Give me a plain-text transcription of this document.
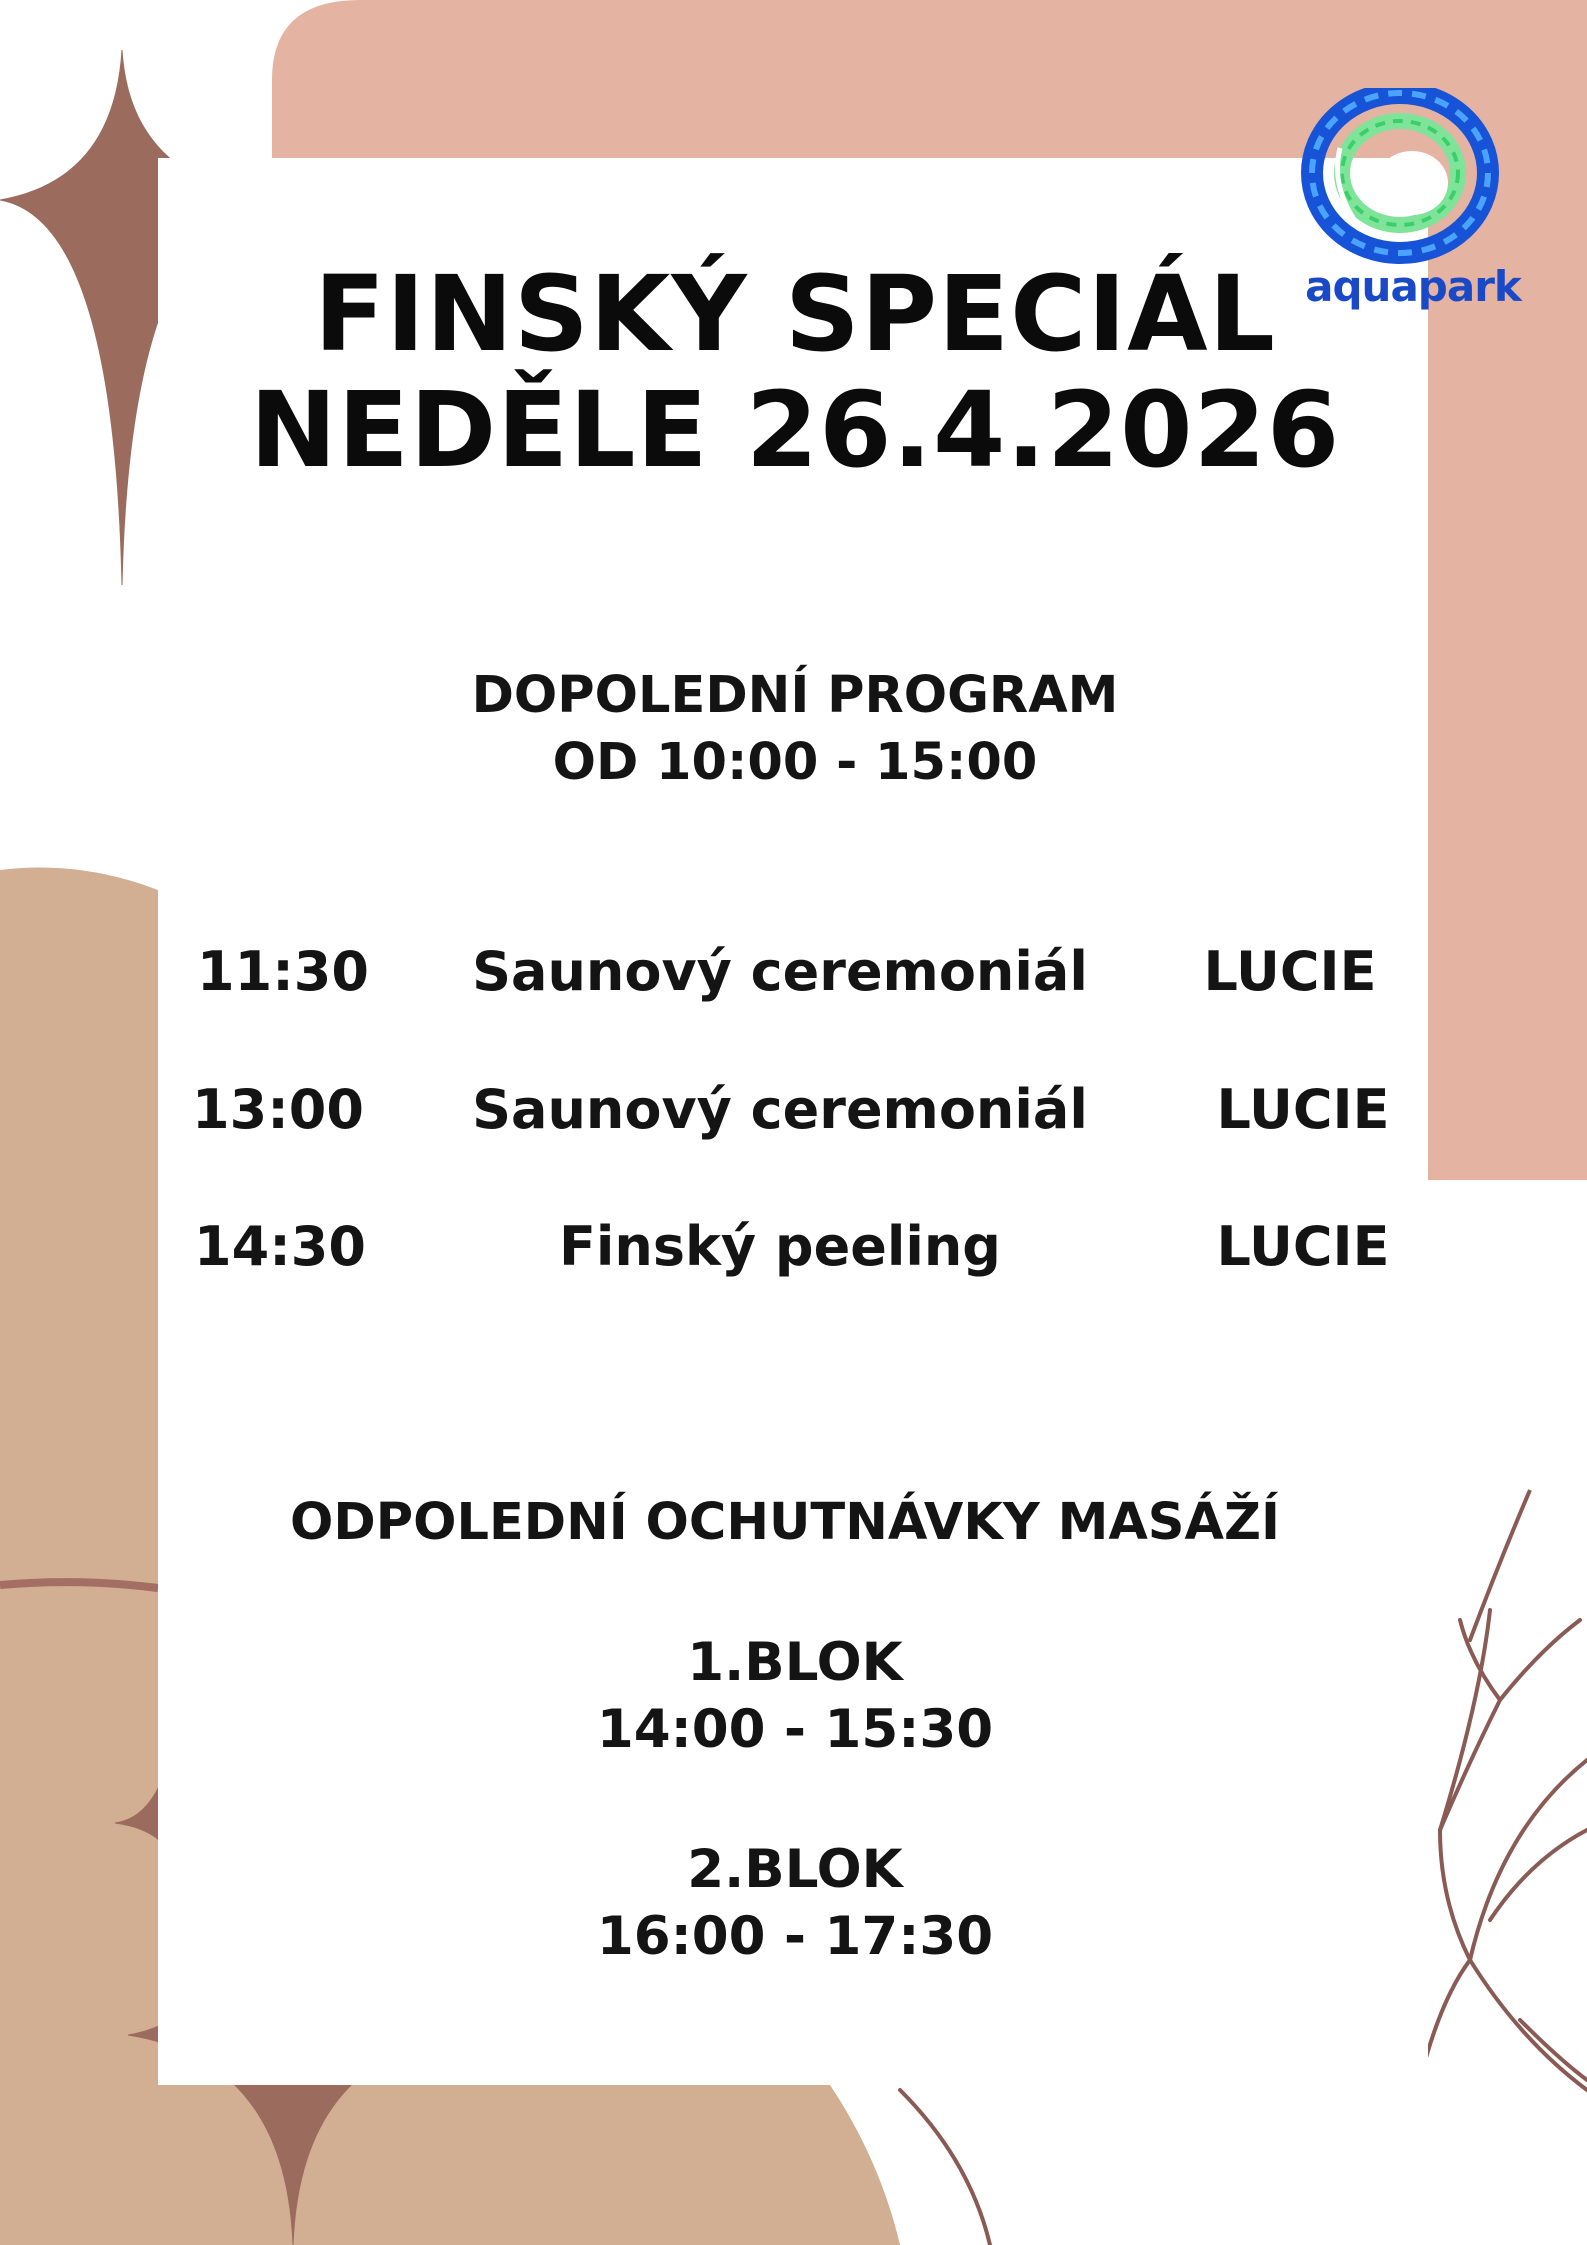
aquapark
FINSKÝ SPECIÁL
NEDĚLE 26.4.2026
DOPOLEDNÍ PROGRAM
OD 10:00 - 15:00
11:30	Saunový ceremoniál	LUCIE
13:00	Saunový ceremoniál	LUCIE
14:30	Finský peeling	LUCIE
ODPOLEDNÍ OCHUTNÁVKY MASÁŽÍ
1.BLOK
14:00 - 15:30
2.BLOK
16:00 - 17:30
